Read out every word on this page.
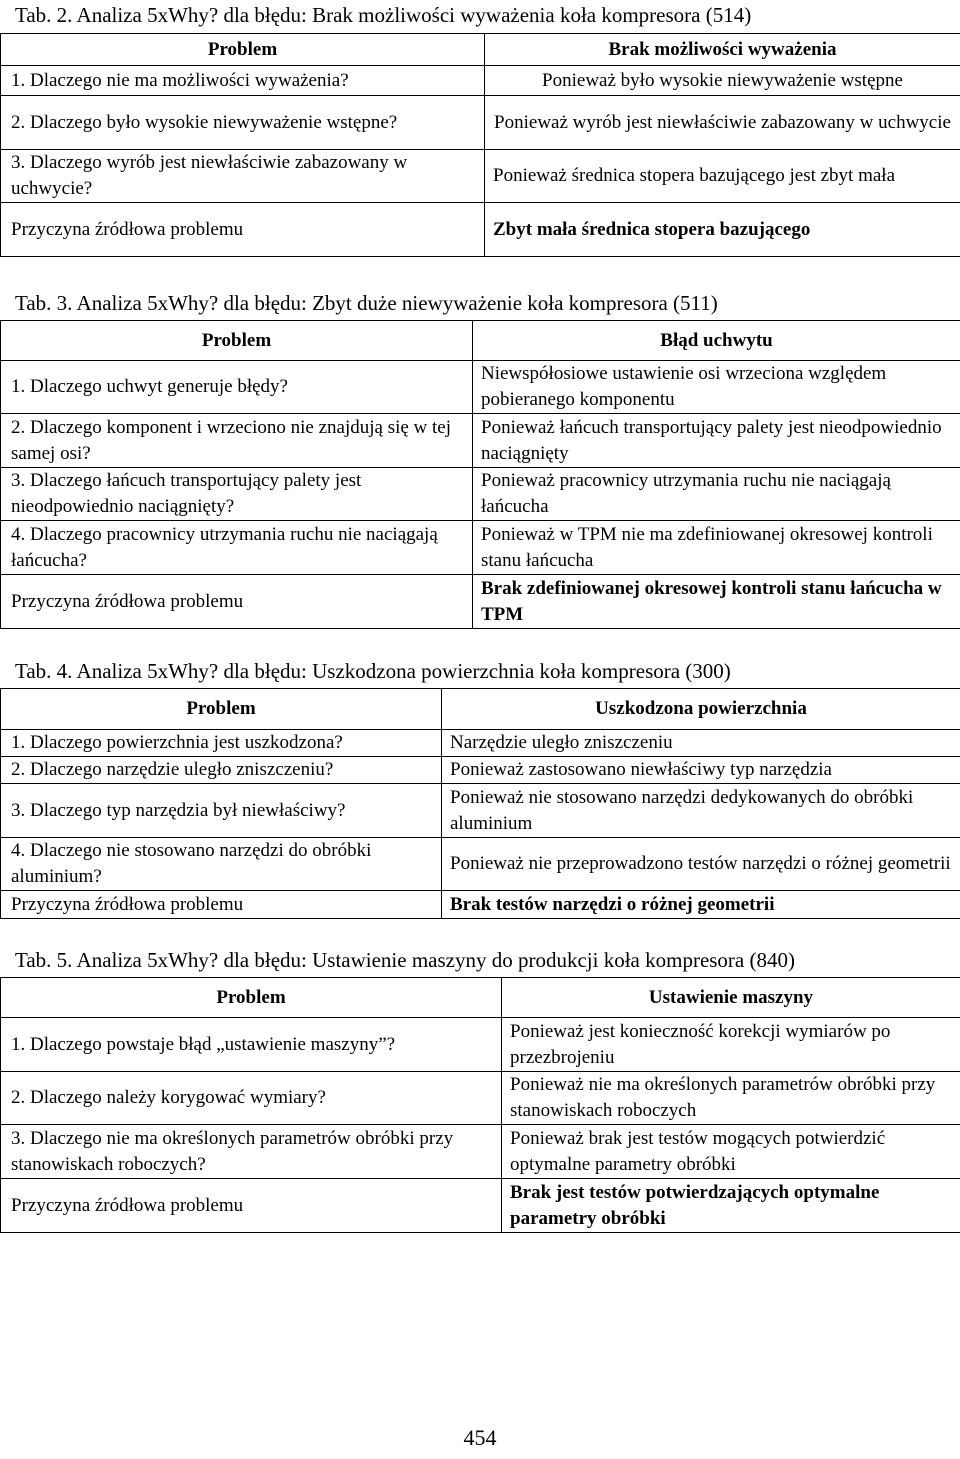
Tab. 2. Analiza 5xWhy? dla błędu: Brak możliwości wyważenia koła kompresora (514)
Problem	Brak możliwości wyważenia
1. Dlaczego nie ma możliwości wyważenia?	Ponieważ było wysokie niewyważenie wstępne
2. Dlaczego było wysokie niewyważenie wstępne?	Ponieważ wyrób jest niewłaściwie zabazowany w uchwycie
3. Dlaczego wyrób jest niewłaściwie zabazowany w uchwycie?	Ponieważ średnica stopera bazującego jest zbyt mała
Przyczyna źródłowa problemu	Zbyt mała średnica stopera bazującego
Tab. 3. Analiza 5xWhy? dla błędu: Zbyt duże niewyważenie koła kompresora (511)
Problem	Błąd uchwytu
1. Dlaczego uchwyt generuje błędy?	Niewspółosiowe ustawienie osi wrzeciona względem pobieranego komponentu
2. Dlaczego komponent i wrzeciono nie znajdują się w tej samej osi?	Ponieważ łańcuch transportujący palety jest nieodpowiednio naciągnięty
3. Dlaczego łańcuch transportujący palety jest nieodpowiednio naciągnięty?	Ponieważ pracownicy utrzymania ruchu nie naciągają łańcucha
4. Dlaczego pracownicy utrzymania ruchu nie naciągają łańcucha?	Ponieważ w TPM nie ma zdefiniowanej okresowej kontroli stanu łańcucha
Przyczyna źródłowa problemu	Brak zdefiniowanej okresowej kontroli stanu łańcucha w TPM
Tab. 4. Analiza 5xWhy? dla błędu: Uszkodzona powierzchnia koła kompresora (300)
Problem	Uszkodzona powierzchnia
1. Dlaczego powierzchnia jest uszkodzona?	Narzędzie uległo zniszczeniu
2. Dlaczego narzędzie uległo zniszczeniu?	Ponieważ zastosowano niewłaściwy typ narzędzia
3. Dlaczego typ narzędzia był niewłaściwy?	Ponieważ nie stosowano narzędzi dedykowanych do obróbki aluminium
4. Dlaczego nie stosowano narzędzi do obróbki aluminium?	Ponieważ nie przeprowadzono testów narzędzi o różnej geometrii
Przyczyna źródłowa problemu	Brak testów narzędzi o różnej geometrii
Tab. 5. Analiza 5xWhy? dla błędu: Ustawienie maszyny do produkcji koła kompresora (840)
Problem	Ustawienie maszyny
1. Dlaczego powstaje błąd „ustawienie maszyny”?	Ponieważ jest konieczność korekcji wymiarów po przezbrojeniu
2. Dlaczego należy korygować wymiary?	Ponieważ nie ma określonych parametrów obróbki przy stanowiskach roboczych
3. Dlaczego nie ma określonych parametrów obróbki przy stanowiskach roboczych?	Ponieważ brak jest testów mogących potwierdzić optymalne parametry obróbki
Przyczyna źródłowa problemu	Brak jest testów potwierdzających optymalne parametry obróbki
454
